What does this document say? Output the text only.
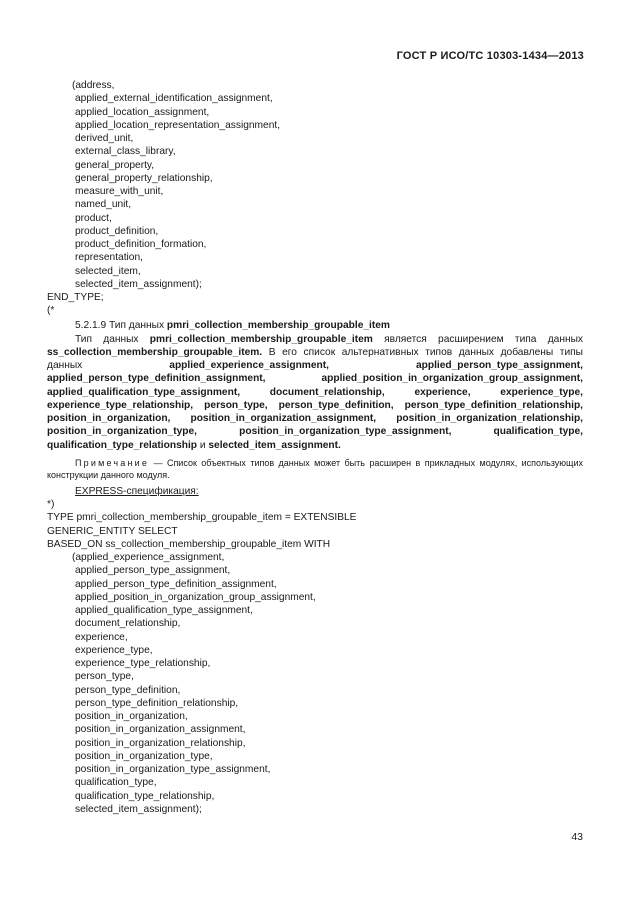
ГОСТ Р ИСО/ТС 10303-1434—2013
(address,
applied_external_identification_assignment,
applied_location_assignment,
applied_location_representation_assignment,
derived_unit,
external_class_library,
general_property,
general_property_relationship,
measure_with_unit,
named_unit,
product,
product_definition,
product_definition_formation,
representation,
selected_item,
selected_item_assignment);
END_TYPE;
(*
5.2.1.9 Тип данных pmri_collection_membership_groupable_item

Тип данных pmri_collection_membership_groupable_item является расширением типа данных ss_collection_membership_groupable_item. В его список альтернативных типов данных добавлены типы данных applied_experience_assignment, applied_person_type_assignment, applied_person_type_definition_assignment, applied_position_in_organization_group_assignment, applied_qualification_type_assignment, document_relationship, experience, experience_type, experience_type_relationship, person_type, person_type_definition, person_type_definition_relationship, position_in_organization, position_in_organization_assignment, position_in_organization_relationship, position_in_organization_type, position_in_organization_type_assignment, qualification_type, qualification_type_relationship и selected_item_assignment.

Примечание — Список объектных типов данных может быть расширен в прикладных модулях, использующих конструкции данного модуля.

EXPRESS-спецификация:
*)
TYPE pmri_collection_membership_groupable_item = EXTENSIBLE
GENERIC_ENTITY SELECT
BASED_ON ss_collection_membership_groupable_item WITH
(applied_experience_assignment,
applied_person_type_assignment,
applied_person_type_definition_assignment,
applied_position_in_organization_group_assignment,
applied_qualification_type_assignment,
document_relationship,
experience,
experience_type,
experience_type_relationship,
person_type,
person_type_definition,
person_type_definition_relationship,
position_in_organization,
position_in_organization_assignment,
position_in_organization_relationship,
position_in_organization_type,
position_in_organization_type_assignment,
qualification_type,
qualification_type_relationship,
selected_item_assignment);
43
